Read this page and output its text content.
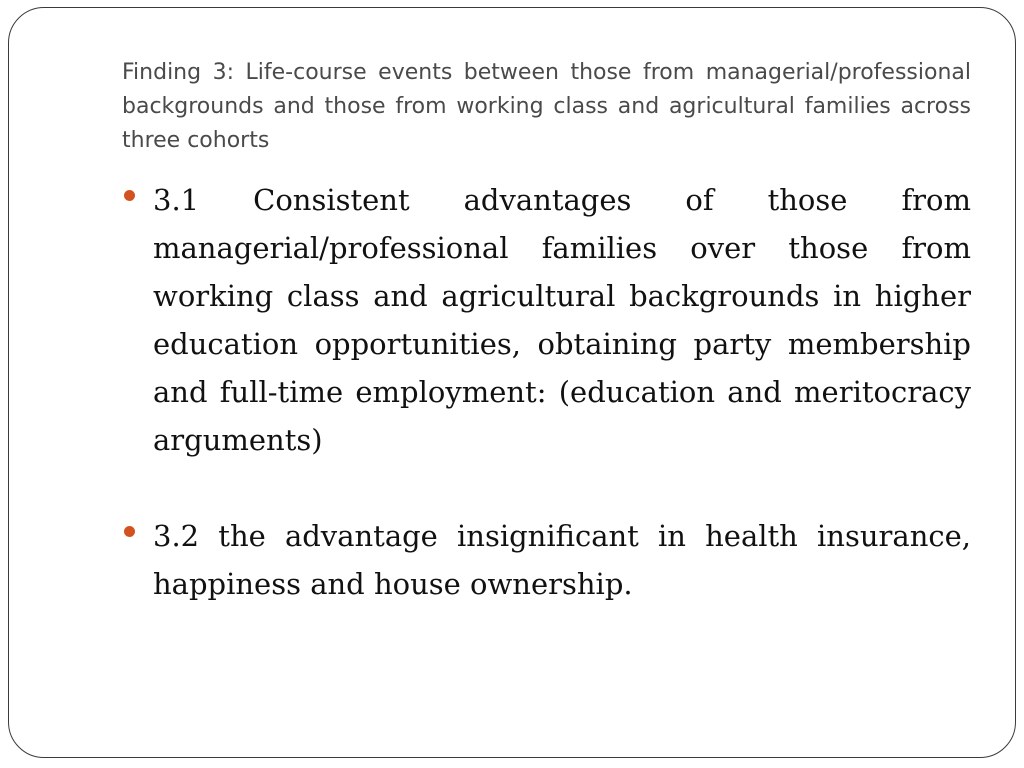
Finding 3: Life-course events between those from managerial/professional backgrounds and those from working class and agricultural families across three cohorts
3.1 Consistent advantages of those from managerial/professional families over those from working class and agricultural backgrounds in higher education opportunities, obtaining party membership and full-time employment: (education and meritocracy arguments)
3.2 the advantage insignificant in health insurance, happiness and house ownership.
